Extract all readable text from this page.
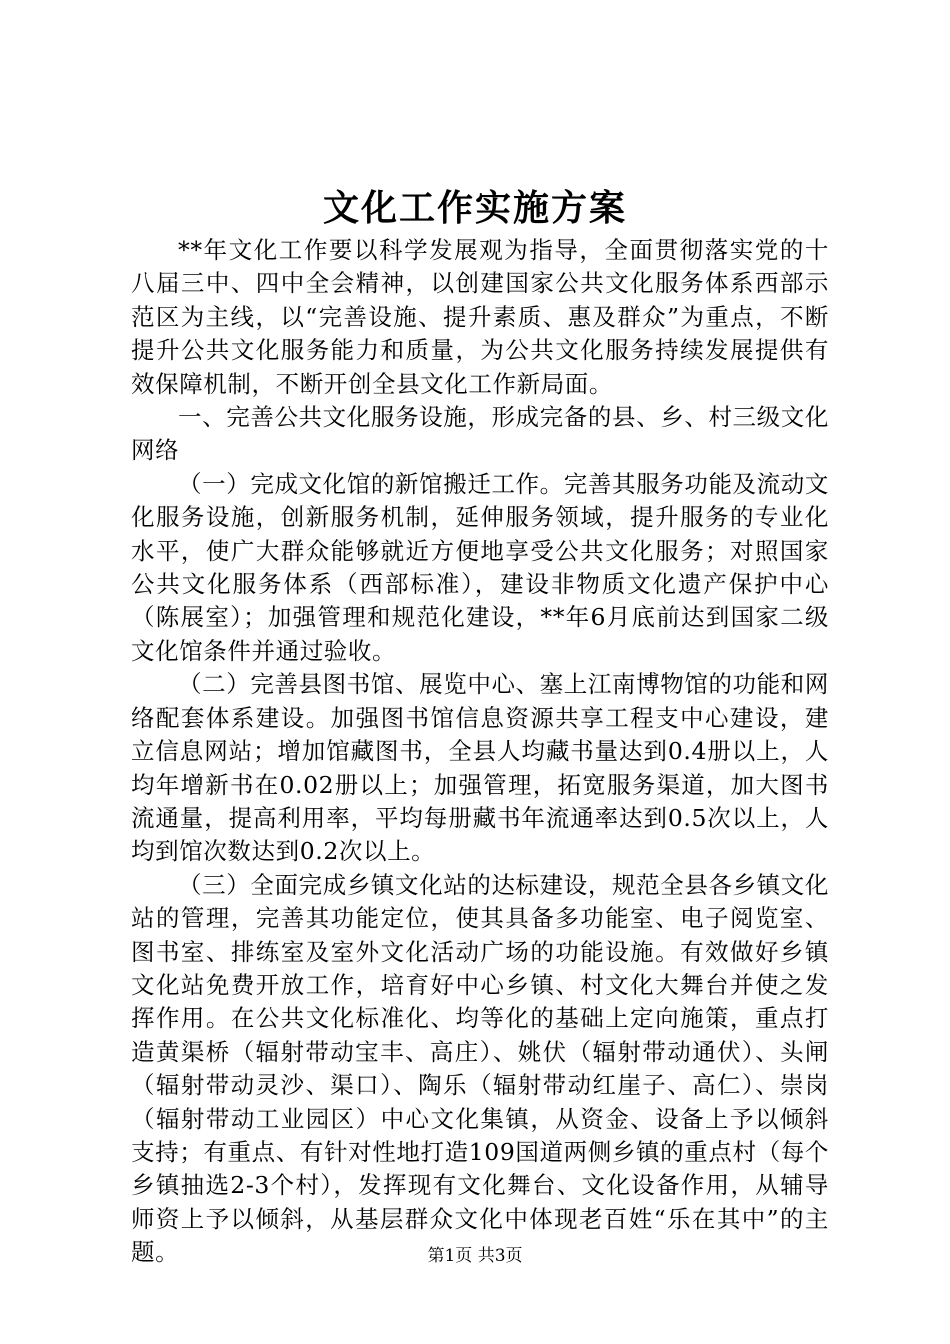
文化工作实施方案

**年文化工作要以科学发展观为指导，全面贯彻落实党的十八届三中、四中全会精神，以创建国家公共文化服务体系西部示范区为主线，以“完善设施、提升素质、惠及群众”为重点，不断提升公共文化服务能力和质量，为公共文化服务持续发展提供有效保障机制，不断开创全县文化工作新局面。

一、完善公共文化服务设施，形成完备的县、乡、村三级文化网络

（一）完成文化馆的新馆搬迁工作。完善其服务功能及流动文化服务设施，创新服务机制，延伸服务领域，提升服务的专业化水平，使广大群众能够就近方便地享受公共文化服务；对照国家公共文化服务体系（西部标准），建设非物质文化遗产保护中心（陈展室）；加强管理和规范化建设，**年6月底前达到国家二级文化馆条件并通过验收。

（二）完善县图书馆、展览中心、塞上江南博物馆的功能和网络配套体系建设。加强图书馆信息资源共享工程支中心建设，建立信息网站；增加馆藏图书，全县人均藏书量达到0.4册以上，人均年增新书在0.02册以上；加强管理，拓宽服务渠道，加大图书流通量，提高利用率，平均每册藏书年流通率达到0.5次以上，人均到馆次数达到0.2次以上。

（三）全面完成乡镇文化站的达标建设，规范全县各乡镇文化站的管理，完善其功能定位，使其具备多功能室、电子阅览室、图书室、排练室及室外文化活动广场的功能设施。有效做好乡镇文化站免费开放工作，培育好中心乡镇、村文化大舞台并使之发挥作用。在公共文化标准化、均等化的基础上定向施策，重点打造黄渠桥（辐射带动宝丰、高庄）、姚伏（辐射带动通伏）、头闸（辐射带动灵沙、渠口）、陶乐（辐射带动红崖子、高仁）、崇岗（辐射带动工业园区）中心文化集镇，从资金、设备上予以倾斜支持；有重点、有针对性地打造109国道两侧乡镇的重点村（每个乡镇抽选2-3个村），发挥现有文化舞台、文化设备作用，从辅导师资上予以倾斜，从基层群众文化中体现老百姓“乐在其中”的主题。	第1页 共3页
